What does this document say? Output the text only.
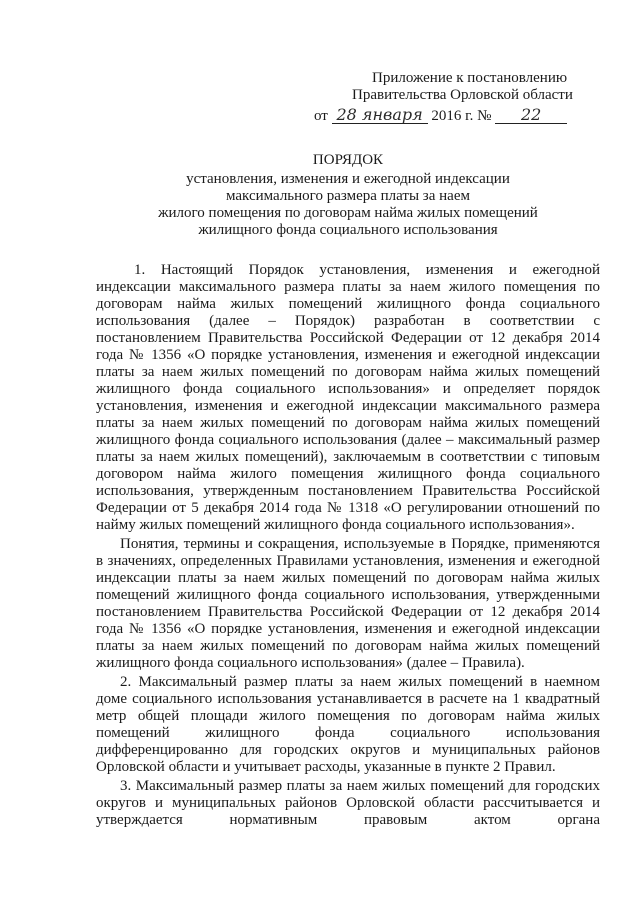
Приложение к постановлению
Правительства Орловской области
от 28 января 2016 г. № 22
ПОРЯДОК
установления, изменения и ежегодной индексации
максимального размера платы за наем
жилого помещения по договорам найма жилых помещений
жилищного фонда социального использования

1. Настоящий Порядок установления, изменения и ежегодной индексации максимального размера платы за наем жилого помещения по договорам найма жилых помещений жилищного фонда социального использования (далее – Порядок) разработан в соответствии с постановлением Правительства Российской Федерации от 12 декабря 2014 года № 1356 «О порядке установления, изменения и ежегодной индексации платы за наем жилых помещений по договорам найма жилых помещений жилищного фонда социального использования» и определяет порядок установления, изменения и ежегодной индексации максимального размера платы за наем жилых помещений по договорам найма жилых помещений жилищного фонда социального использования (далее – максимальный размер платы за наем жилых помещений), заключаемым в соответствии с типовым договором найма жилого помещения жилищного фонда социального использования, утвержденным постановлением Правительства Российской Федерации от 5 декабря 2014 года № 1318 «О регулировании отношений по найму жилых помещений жилищного фонда социального использования».

Понятия, термины и сокращения, используемые в Порядке, применяются в значениях, определенных Правилами установления, изменения и ежегодной индексации платы за наем жилых помещений по договорам найма жилых помещений жилищного фонда социального использования, утвержденными постановлением Правительства Российской Федерации от 12 декабря 2014 года № 1356 «О порядке установления, изменения и ежегодной индексации платы за наем жилых помещений по договорам найма жилых помещений жилищного фонда социального использования» (далее – Правила).

2. Максимальный размер платы за наем жилых помещений в наемном доме социального использования устанавливается в расчете на 1 квадратный метр общей площади жилого помещения по договорам найма жилых помещений жилищного фонда социального использования дифференцированно для городских округов и муниципальных районов Орловской области и учитывает расходы, указанные в пункте 2 Правил.

3. Максимальный размер платы за наем жилых помещений для городских округов и муниципальных районов Орловской области рассчитывается и утверждается нормативным правовым актом органа
